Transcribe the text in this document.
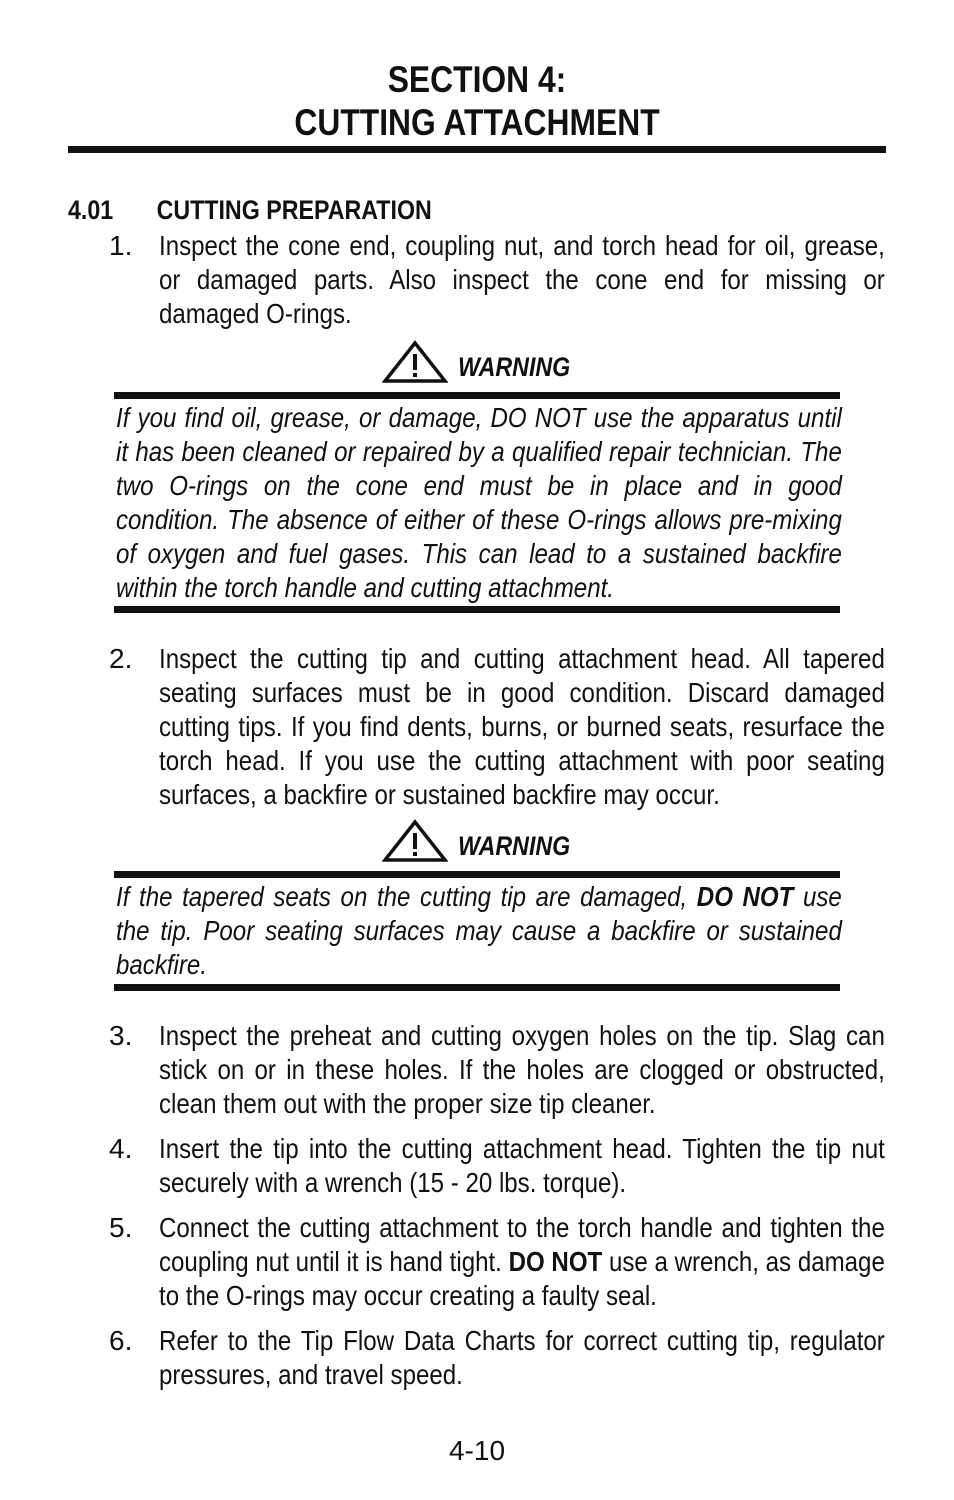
SECTION 4:
CUTTING ATTACHMENT
4.01 CUTTING PREPARATION
1. Inspect the cone end, coupling nut, and torch head for oil, grease, or damaged parts. Also inspect the cone end for missing or damaged O-rings.
WARNING
If you find oil, grease, or damage, DO NOT use the apparatus until it has been cleaned or repaired by a qualified repair technician. The two O-rings on the cone end must be in place and in good condition. The absence of either of these O-rings allows pre-mixing of oxygen and fuel gases. This can lead to a sustained backfire within the torch handle and cutting attachment.
2. Inspect the cutting tip and cutting attachment head. All tapered seating surfaces must be in good condition. Discard damaged cutting tips. If you find dents, burns, or burned seats, resurface the torch head. If you use the cutting attachment with poor seating surfaces, a backfire or sustained backfire may occur.
WARNING
If the tapered seats on the cutting tip are damaged, DO NOT use the tip. Poor seating surfaces may cause a backfire or sustained backfire.
3. Inspect the preheat and cutting oxygen holes on the tip. Slag can stick on or in these holes. If the holes are clogged or obstructed, clean them out with the proper size tip cleaner.
4. Insert the tip into the cutting attachment head. Tighten the tip nut securely with a wrench (15 - 20 lbs. torque).
5. Connect the cutting attachment to the torch handle and tighten the coupling nut until it is hand tight. DO NOT use a wrench, as damage to the O-rings may occur creating a faulty seal.
6. Refer to the Tip Flow Data Charts for correct cutting tip, regulator pressures, and travel speed.
4-10
